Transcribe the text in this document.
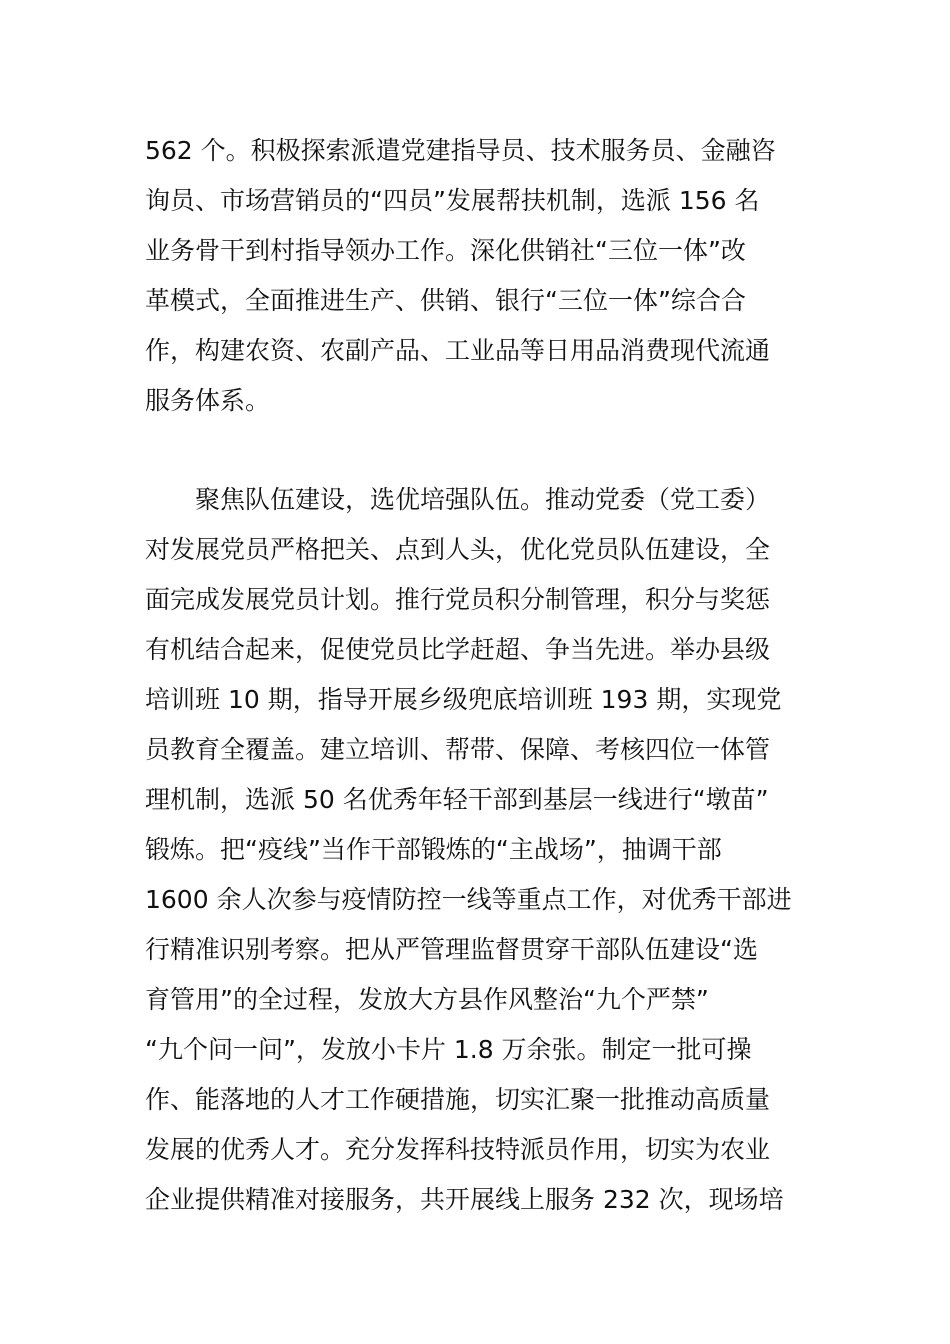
562 个。积极探索派遣党建指导员、技术服务员、金融咨
询员、市场营销员的“四员”发展帮扶机制，选派 156 名
业务骨干到村指导领办工作。深化供销社“三位一体”改
革模式，全面推进生产、供销、银行“三位一体”综合合
作，构建农资、农副产品、工业品等日用品消费现代流通
服务体系。
　　聚焦队伍建设，选优培强队伍。推动党委（党工委）
对发展党员严格把关、点到人头，优化党员队伍建设，全
面完成发展党员计划。推行党员积分制管理，积分与奖惩
有机结合起来，促使党员比学赶超、争当先进。举办县级
培训班 10 期，指导开展乡级兜底培训班 193 期，实现党
员教育全覆盖。建立培训、帮带、保障、考核四位一体管
理机制，选派 50 名优秀年轻干部到基层一线进行“墩苗”
锻炼。把“疫线”当作干部锻炼的“主战场”，抽调干部
1600 余人次参与疫情防控一线等重点工作，对优秀干部进
行精准识别考察。把从严管理监督贯穿干部队伍建设“选
育管用”的全过程，发放大方县作风整治“九个严禁”
“九个问一问”，发放小卡片 1.8 万余张。制定一批可操
作、能落地的人才工作硬措施，切实汇聚一批推动高质量
发展的优秀人才。充分发挥科技特派员作用，切实为农业
企业提供精准对接服务，共开展线上服务 232 次，现场培
